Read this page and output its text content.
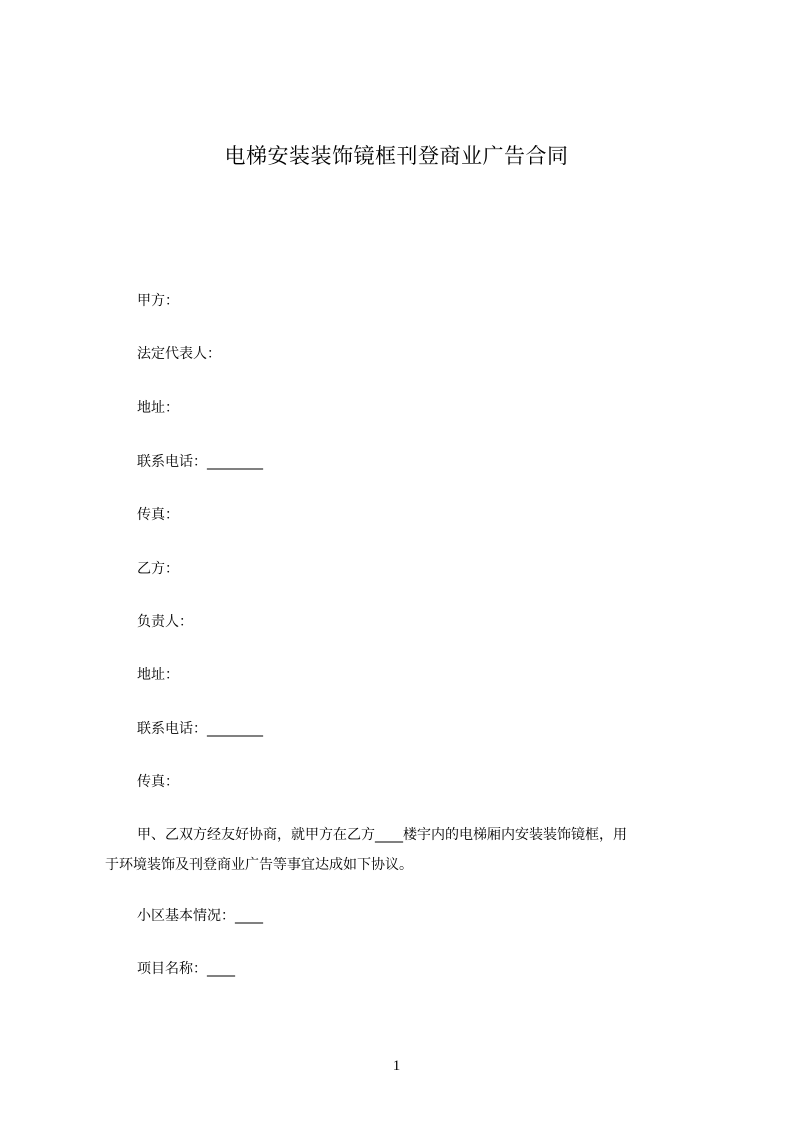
电梯安装装饰镜框刊登商业广告合同
甲方：
法定代表人：
地址：
联系电话：________
传真：
乙方：
负责人：
地址：
联系电话：________
传真：
甲、乙双方经友好协商，就甲方在乙方____楼宇内的电梯厢内安装装饰镜框，用
于环境装饰及刊登商业广告等事宜达成如下协议。
小区基本情况：____
项目名称：____
1
